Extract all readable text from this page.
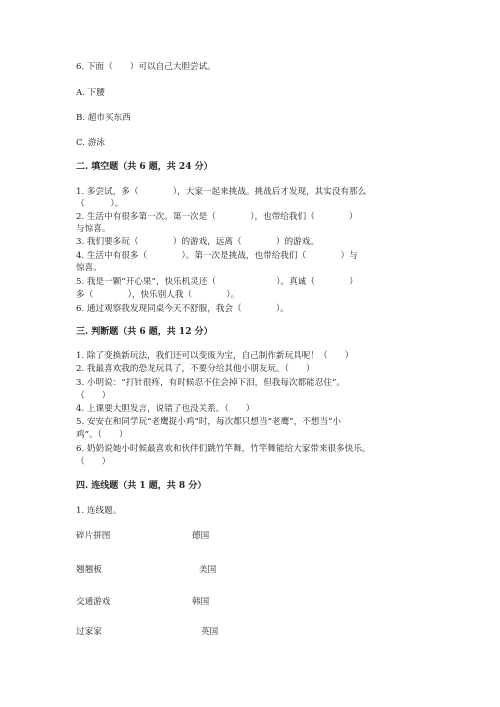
6. 下面（　　）可以自己大胆尝试。
A. 下腰
B. 超市买东西
C. 游泳
二. 填空题（共 6 题，共 24 分）
1. 多尝试，多（　　　　），大家一起来挑战。挑战后才发现，其实没有那么
（　　　）。
2. 生活中有很多第一次。第一次是（　　　　），也带给我们（　　　　）
与惊喜。
3. 我们要多玩（　　　　）的游戏，远离（　　　　）的游戏。
4. 生活中有很多（　　　　）。第一次是挑战，也带给我们（　　　　）与
惊喜。
5. 我是一颗“开心果”，快乐机灵还（　　　　　　　）。真诚（　　　　）
多（　　　　），快乐别人我（　　　　）。
6. 通过观察我发现同桌今天不舒服，我会（　　　　）。
三. 判断题（共 6 题，共 12 分）
1. 除了变换新玩法，我们还可以变废为宝，自己制作新玩具呢！（　　）
2. 我最喜欢我的恐龙玩具了，不要分给其他小朋友玩。（　　）
3. 小明说：“打针很疼，有时候忍不住会掉下泪，但我每次都能忍住”。
（　　）
4. 上课要大胆发言，说错了也没关系。（　　）
5. 安安在和同学玩“老鹰捉小鸡”时，每次都只想当“老鹰”，不想当“小
鸡”。（　　）
6. 奶奶说她小时候最喜欢和伙伴们跳竹竿舞，竹竿舞能给大家带来很多快乐。
（　　）
四. 连线题（共 1 题，共 8 分）
1. 连线题。
碎片拼图	德国
翘翘板	美国
交通游戏	韩国
过家家	英国
